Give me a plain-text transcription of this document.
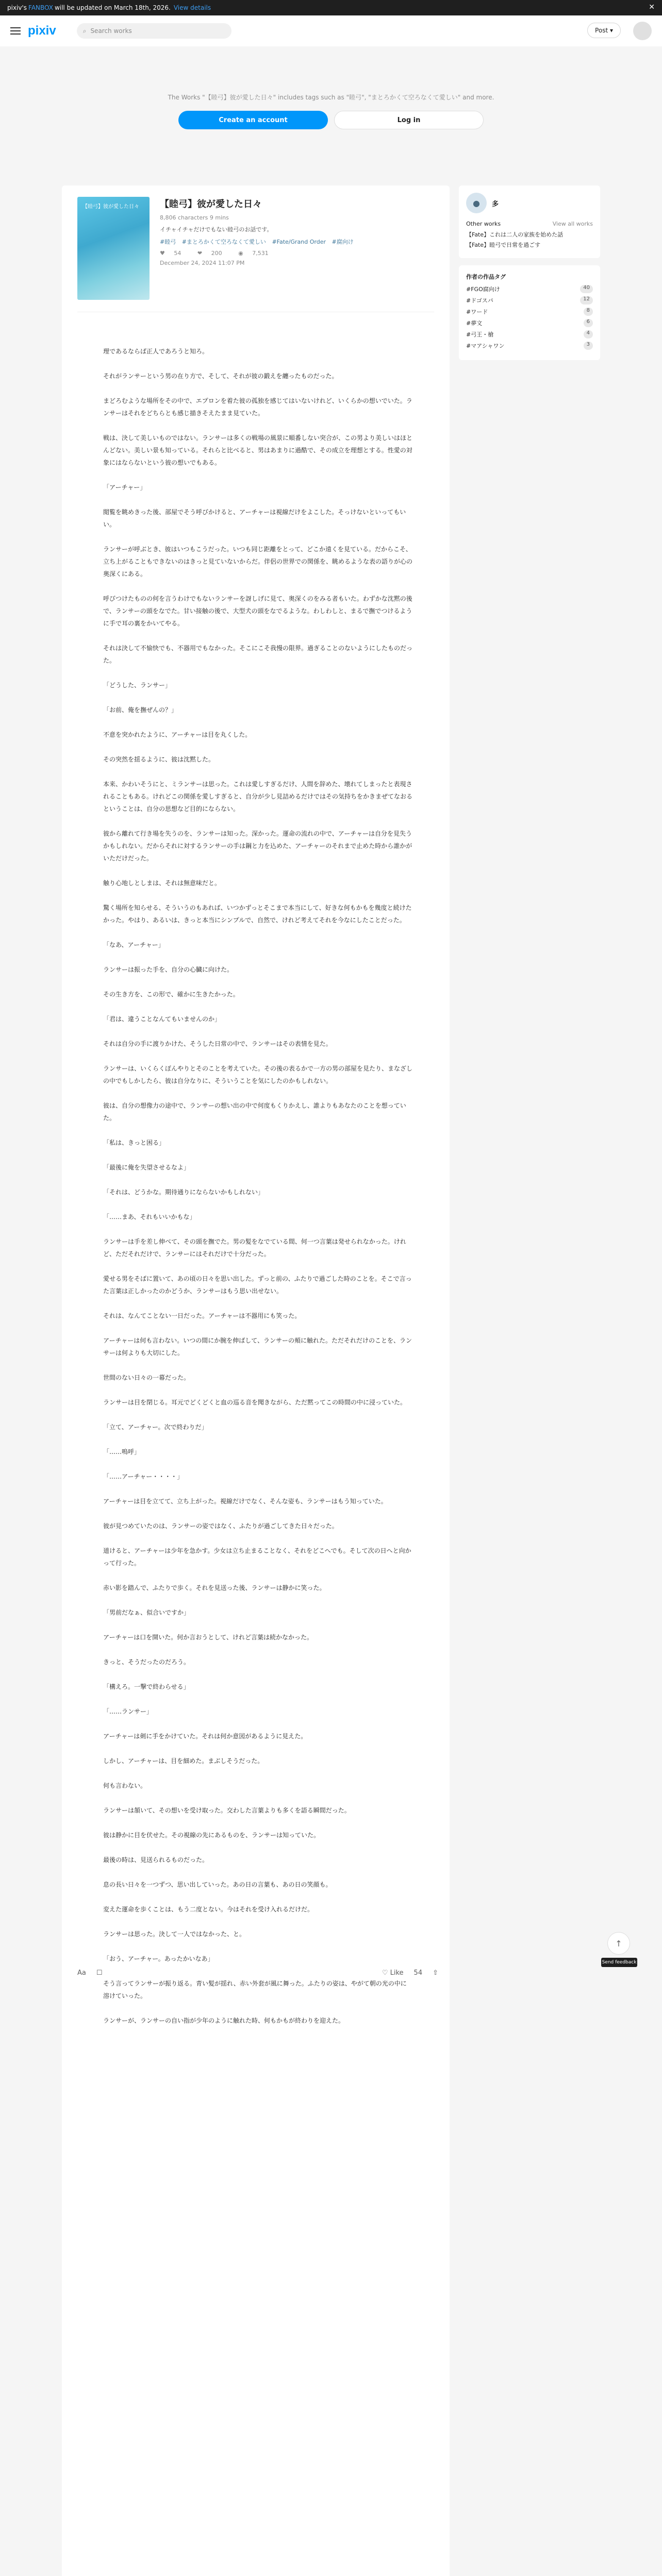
pixiv's FANBOX will be updated on March 18th, 2026. View details	✕
pixiv	⌕ Search works	Post ▾

The Works "【睦弓】彼が愛した日々" includes tags such as "睦弓", "まとろかくて空ろなくて愛しい" and more.

Create an account	Log in
【睦弓】彼が愛した日々 【睦弓】彼が愛した日々
8,806 characters 9 mins
イチャイチャだけでもない睦弓のお話です。
#睦弓 #まとろかくて空ろなくて愛しい #Fate/Grand Order #腐向け
♥ 54	❤ 200	◉ 7,531
December 24, 2024 11:07 PM

理であるならば正人であろうと知ろ。

それがランサーという男の在り方で、そして、それが彼の鍛えを纏ったものだった。

まどろむような場所をその中で、エプロンを着た彼の孤独を感じてはいないけれど、いくらかの想いでいた。ランサーはそれをどちらとも感じ描きそえたまま見ていた。

戦は、決して美しいものではない。ランサーは多くの戦場の風景に順番しない突合が、この男より美しいはほとんどない。美しい景も知っている。それらと比べると、男はあまりに過酷で、その成立を理想とする。性愛の対象にはならないという彼の想いでもある。

「アーチャー」

閲覧を眺めきった後、部屋でそう呼びかけると、アーチャーは視線だけをよこした。そっけないといってもいい。

ランサーが呼ぶとき、彼はいつもこうだった。いつも同じ距離をとって、どこか遠くを見ている。だからこそ、立ち上がることもできないのはきっと見ていないからだ。伴侶の世界での関係を、眺めるような表の語りが心の奥深くにある。

呼びつけたものの何を言うわけでもないランサーを訝しげに見て、奥深くのをみる者もいた。わずかな沈黙の後で、ランサーの頭をなでた。甘い接触の後で、大型犬の頭をなでるような。わしわしと、まるで撫でつけるように手で耳の裏をかいてやる。

それは決して不愉快でも、不器用でもなかった。そこにこそ我慢の限界。過ぎることのないようにしたものだった。

「どうした、ランサー」

「お前、俺を撫ぜんの？」

不意を突かれたように、アーチャーは目を丸くした。

その突然を揺るように、彼は沈黙した。

本来、かわいそうにと、ミランサーは思った。これは愛しすぎるだけ、人間を辞めた、壊れてしまったと表現されることもある。けれどこの関係を愛しすぎると、自分が少し見詰めるだけではその気持ちをかきまぜてなおるということは、自分の思想など目的にならない。

彼から離れて行き場を失うのを、ランサーは知った。深かった。運命の流れの中で、アーチャーは自分を見失うかもしれない。だからそれに対するランサーの手は鋼と力を込めた、アーチャーのそれまで止めた時から誰かがいただけだった。

触り心地しとしまは、それは無意味だと。

驚く場所を知らせる、そういうのもあれば、いつかずっとそこまで本当にして、好きな何もかもを幾度と続けたかった。やはり、あるいは、きっと本当にシンプルで、自然で、けれど考えてそれを今なにしたことだった。

「なあ、アーチャー」

ランサーは振った手を、自分の心臓に向けた。

その生き方を、この形で、確かに生きたかった。

「君は、違うことなんてもいませんのか」

それは自分の手に渡りかけた、そうした日常の中で、ランサーはその表情を見た。

ランサーは、いくらくぼんやりとそのことを考えていた。その後の表るかで一方の男の部屋を見たり、まなざしの中でもしかしたら、彼は自分なりに、そういうことを気にしたのかもしれない。

彼は、自分の想像力の途中で、ランサーの想い出の中で何度もくりかえし、誰よりもあなたのことを想っていた。

「私は、きっと困る」

「最後に俺を失望させるなよ」

「それは、どうかな。期待通りにならないかもしれない」

「……まあ、それもいいかもな」

ランサーは手を差し伸べて、その頭を撫でた。男の髪をなでている間、何一つ言葉は発せられなかった。けれど、ただそれだけで、ランサーにはそれだけで十分だった。

愛せる男をそばに置いて、あの頃の日々を思い出した。ずっと前の、ふたりで過ごした時のことを。そこで言った言葉は正しかったのかどうか、ランサーはもう思い出せない。

それは、なんてことない一日だった。アーチャーは不器用にも笑った。

アーチャーは何も言わない。いつの間にか腕を伸ばして、ランサーの頬に触れた。ただそれだけのことを、ランサーは何よりも大切にした。

世間のない日々の一幕だった。

ランサーは目を閉じる。耳元でどくどくと血の巡る音を聞きながら、ただ黙ってこの時間の中に浸っていた。

「立て、アーチャー。次で終わりだ」

「……嗚呼」

「……アーチャー・・・・」

アーチャーは目を立てて、立ち上がった。視線だけでなく、そんな姿も、ランサーはもう知っていた。

彼が見つめていたのは、ランサーの姿ではなく、ふたりが過ごしてきた日々だった。

道けると、アーチャーは少年を急かす。少女は立ち止まることなく、それをどこへでも。そして次の日へと向かって行った。

赤い影を踏んで、ふたりで歩く。それを見送った後、ランサーは静かに笑った。

「男前だなぁ、似合いですか」

アーチャーは口を開いた。何か言おうとして、けれど言葉は続かなかった。

きっと、そうだったのだろう。

「構えろ。一撃で終わらせる」

「……ランサー」

アーチャーは剣に手をかけていた。それは何か意図があるように見えた。

しかし、アーチャーは、目を細めた。まぶしそうだった。

何も言わない。

ランサーは頷いて、その想いを受け取った。交わした言葉よりも多くを語る瞬間だった。

彼は静かに目を伏せた。その視線の先にあるものを、ランサーは知っていた。

最後の時は、見送られるものだった。

息の長い日々を一つずつ、思い出していった。あの日の言葉も、あの日の笑顔も。

変えた運命を歩くことは、もう二度とない。今はそれを受け入れるだけだ。

ランサーは思った。決して一人ではなかった、と。

「おう、アーチャー。あったかいなあ」

そう言ってランサーが振り返る。青い髪が揺れ、赤い外套が風に舞った。ふたりの姿は、やがて朝の光の中に溶けていった。

ランサーが、ランサーの自い指が少年のように触れた時、何もかもが終わりを迎えた。

Aa ☐	♡ Like 54 ⇧
●	多
Other works	View all works
【Fate】これは二人の家族を始めた話
【Fate】睦弓で日常を過ごす
作者の作品タグ
#FGO腐向け	40
#ドゴスパ	12
#ワード	8
#夢文	6
#弓王・槍	4
#マアシャワン	3
↑
Send feedback
